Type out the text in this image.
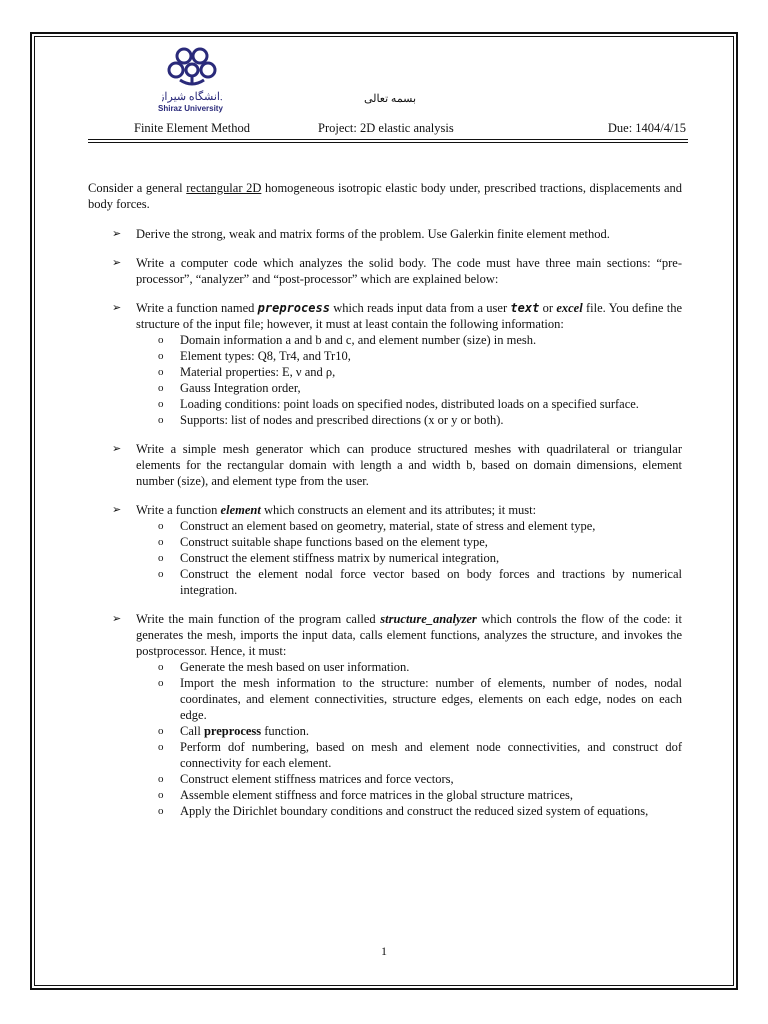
دانشگاه شیراز
Shiraz University
بسمه تعالی
Finite Element Method	Project: 2D elastic analysis	Due: 1404/4/15

Consider a general rectangular 2D homogeneous isotropic elastic body under, prescribed tractions, displacements and body forces.

➢ Derive the strong, weak and matrix forms of the problem. Use Galerkin finite element method.
➢ Write a computer code which analyzes the solid body. The code must have three main sections: “pre-processor”, “analyzer” and “post-processor” which are explained below:
➢ Write a function named preprocess which reads input data from a user text or excel file. You define the structure of the input file; however, it must at least contain the following information:
o Domain information a and b and c, and element number (size) in mesh.
o Element types: Q8, Tr4, and Tr10,
o Material properties: E, ν and ρ,
o Gauss Integration order,
o Loading conditions: point loads on specified nodes, distributed loads on a specified surface.
o Supports: list of nodes and prescribed directions (x or y or both).
➢ Write a simple mesh generator which can produce structured meshes with quadrilateral or triangular elements for the rectangular domain with length a and width b, based on domain dimensions, element number (size), and element type from the user.
➢ Write a function element which constructs an element and its attributes; it must:
o Construct an element based on geometry, material, state of stress and element type,
o Construct suitable shape functions based on the element type,
o Construct the element stiffness matrix by numerical integration,
o Construct the element nodal force vector based on body forces and tractions by numerical integration.
➢ Write the main function of the program called structure_analyzer which controls the flow of the code: it generates the mesh, imports the input data, calls element functions, analyzes the structure, and invokes the postprocessor. Hence, it must:
o Generate the mesh based on user information.
o Import the mesh information to the structure: number of elements, number of nodes, nodal coordinates, and element connectivities, structure edges, elements on each edge, nodes on each edge.
o Call preprocess function.
o Perform dof numbering, based on mesh and element node connectivities, and construct dof connectivity for each element.
o Construct element stiffness matrices and force vectors,
o Assemble element stiffness and force matrices in the global structure matrices,
o Apply the Dirichlet boundary conditions and construct the reduced sized system of equations,
1
